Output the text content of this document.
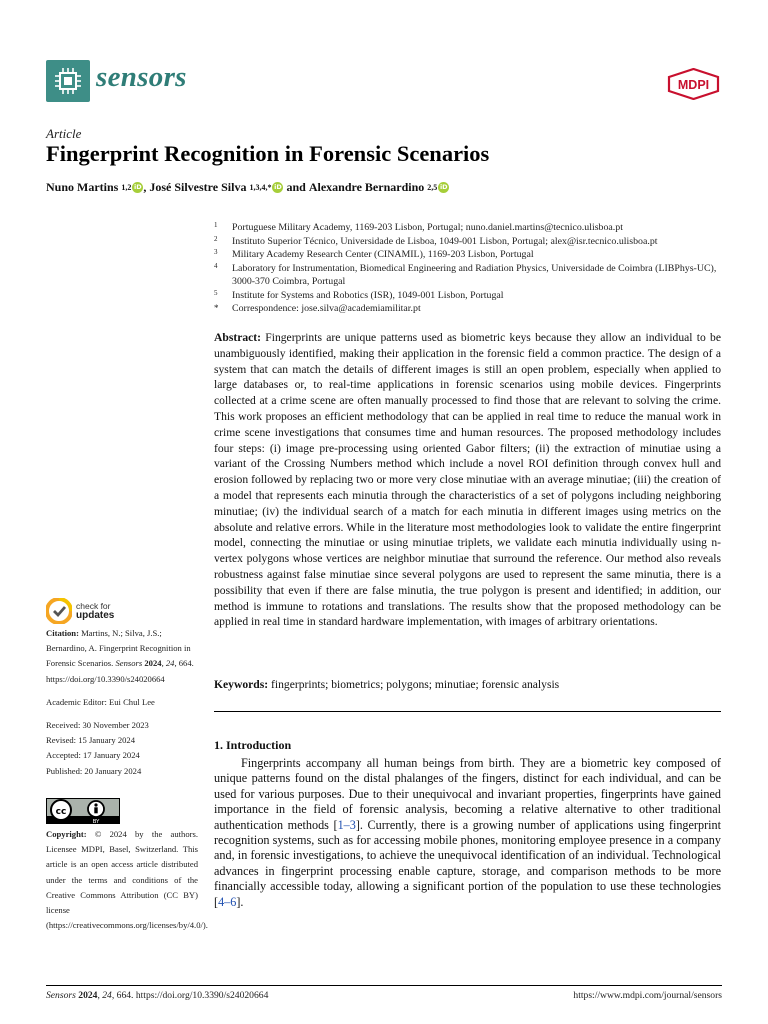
sensors	MDPI
Article
Fingerprint Recognition in Forensic Scenarios
Nuno Martins 1,2 iD , José Silvestre Silva 1,3,4,* iD and Alexandre Bernardino 2,5 iD
1 Portuguese Military Academy, 1169-203 Lisbon, Portugal; nuno.daniel.martins@tecnico.ulisboa.pt
2 Instituto Superior Técnico, Universidade de Lisboa, 1049-001 Lisbon, Portugal; alex@isr.tecnico.ulisboa.pt
3 Military Academy Research Center (CINAMIL), 1169-203 Lisbon, Portugal
4 Laboratory for Instrumentation, Biomedical Engineering and Radiation Physics, Universidade de Coimbra (LIBPhys-UC), 3000-370 Coimbra, Portugal
5 Institute for Systems and Robotics (ISR), 1049-001 Lisbon, Portugal
* Correspondence: jose.silva@academiamilitar.pt
Abstract: Fingerprints are unique patterns used as biometric keys because they allow an individual to be unambiguously identified, making their application in the forensic field a common practice. The design of a system that can match the details of different images is still an open problem, especially when applied to large databases or, to real-time applications in forensic scenarios using mobile devices. Fingerprints collected at a crime scene are often manually processed to find those that are relevant to solving the crime. This work proposes an efficient methodology that can be applied in real time to reduce the manual work in crime scene investigations that consumes time and human resources. The proposed methodology includes four steps: (i) image pre-processing using oriented Gabor filters; (ii) the extraction of minutiae using a variant of the Crossing Numbers method which include a novel ROI definition through convex hull and erosion followed by replacing two or more very close minutiae with an average minutiae; (iii) the creation of a model that represents each minutia through the characteristics of a set of polygons including neighboring minutiae; (iv) the individual search of a match for each minutia in different images using metrics on the absolute and relative errors. While in the literature most methodologies look to validate the entire fingerprint model, connecting the minutiae or using minutiae triplets, we validate each minutia individually using n-vertex polygons whose vertices are neighbor minutiae that surround the reference. Our method also reveals robustness against false minutiae since several polygons are used to represent the same minutia, there is a possibility that even if there are false minutia, the true polygon is present and identified; in addition, our method is immune to rotations and translations. The results show that the proposed methodology can be applied in real time in standard hardware implementation, with images of arbitrary orientations.
Keywords: fingerprints; biometrics; polygons; minutiae; forensic analysis
1. Introduction
Fingerprints accompany all human beings from birth. They are a biometric key composed of unique patterns found on the distal phalanges of the fingers, distinct for each individual, and can be used for various purposes. Due to their unequivocal and invariant properties, fingerprints have gained importance in the field of forensic analysis, becoming a relative alternative to other traditional authentication methods [1–3]. Currently, there is a growing number of applications using fingerprint recognition systems, such as for accessing mobile phones, monitoring employee presence in a company and, in forensic investigations, to achieve the unequivocal identification of an individual. Technological advances in fingerprint processing enable capture, storage, and comparison methods to be more financially accessible today, allowing a significant portion of the population to use these technologies [4–6].
check for
updates
Citation: Martins, N.; Silva, J.S.; Bernardino, A. Fingerprint Recognition in Forensic Scenarios. Sensors 2024, 24, 664. https://doi.org/10.3390/s24020664
Academic Editor: Eui Chul Lee
Received: 30 November 2023
Revised: 15 January 2024
Accepted: 17 January 2024
Published: 20 January 2024
cc
BY
Copyright: © 2024 by the authors. Licensee MDPI, Basel, Switzerland. This article is an open access article distributed under the terms and conditions of the Creative Commons Attribution (CC BY) license (https://creativecommons.org/licenses/by/4.0/).
Sensors 2024, 24, 664. https://doi.org/10.3390/s24020664	https://www.mdpi.com/journal/sensors
